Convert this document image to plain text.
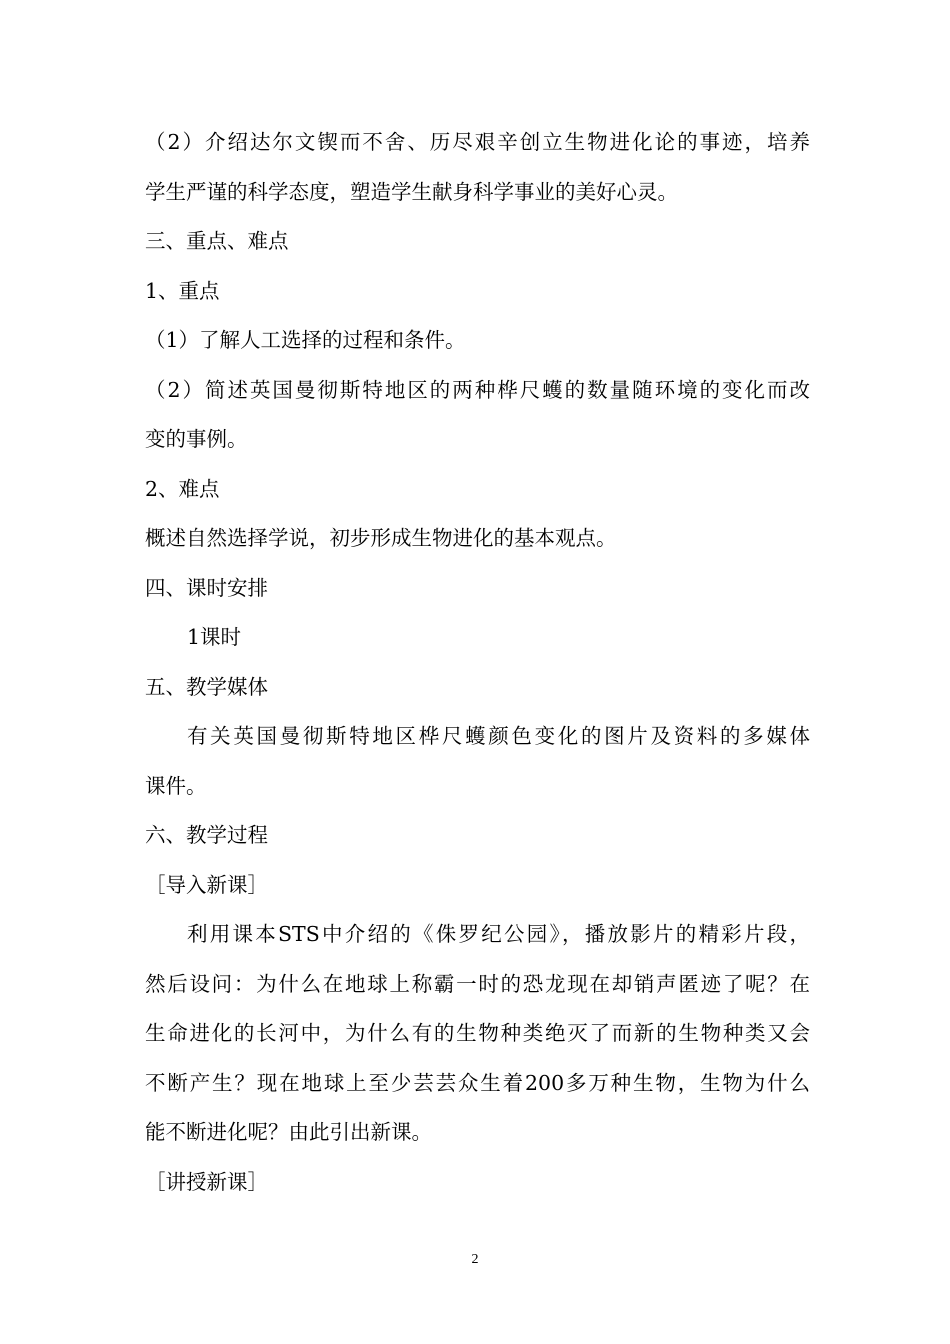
（2）介绍达尔文锲而不舍、历尽艰辛创立生物进化论的事迹，培养
学生严谨的科学态度，塑造学生献身科学事业的美好心灵。
三、重点、难点
1、重点
（1）了解人工选择的过程和条件。
（2）简述英国曼彻斯特地区的两种桦尺蠖的数量随环境的变化而改
变的事例。
2、难点
概述自然选择学说，初步形成生物进化的基本观点。
四、课时安排
1课时
五、教学媒体
有关英国曼彻斯特地区桦尺蠖颜色变化的图片及资料的多媒体
课件。
六、教学过程
［导入新课］
利用课本STS中介绍的《侏罗纪公园》，播放影片的精彩片段，
然后设问：为什么在地球上称霸一时的恐龙现在却销声匿迹了呢？在
生命进化的长河中，为什么有的生物种类绝灭了而新的生物种类又会
不断产生？现在地球上至少芸芸众生着200多万种生物，生物为什么
能不断进化呢？由此引出新课。
［讲授新课］
2
